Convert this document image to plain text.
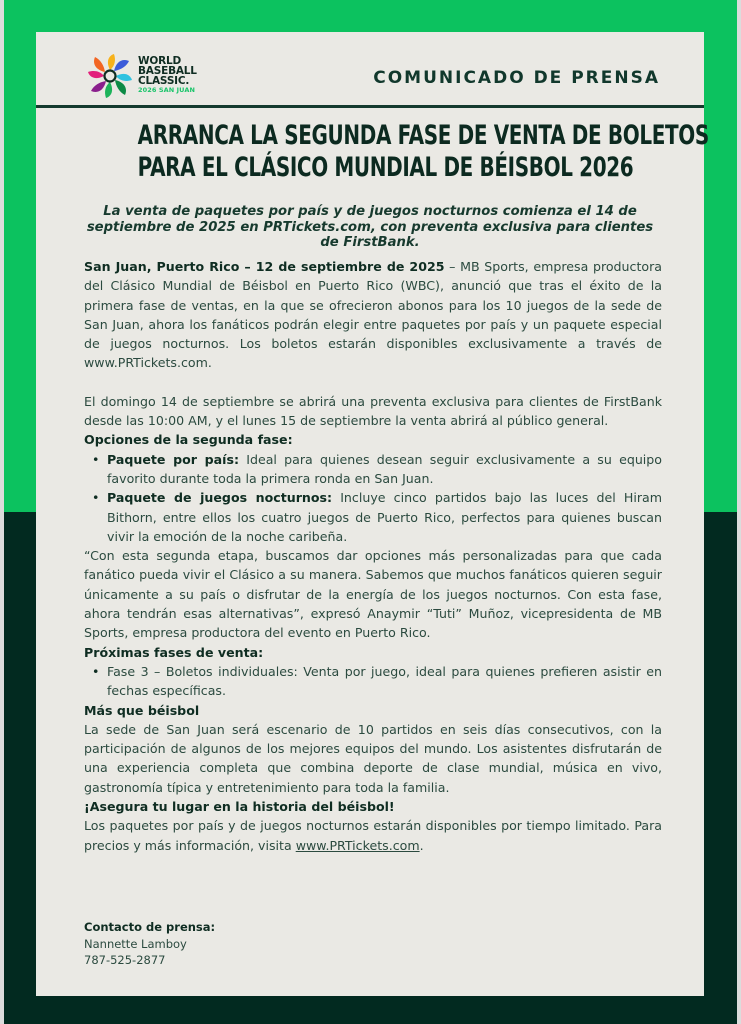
WORLD
BASEBALL
CLASSIC.
2026 SAN JUAN
COMUNICADO DE PRENSA
ARRANCA LA SEGUNDA FASE DE VENTA DE BOLETOS
PARA EL CLÁSICO MUNDIAL DE BÉISBOL 2026

La venta de paquetes por país y de juegos nocturnos comienza el 14 de septiembre de 2025 en PRTickets.com, con preventa exclusiva para clientes de FirstBank.

San Juan, Puerto Rico – 12 de septiembre de 2025 – MB Sports, empresa productora del Clásico Mundial de Béisbol en Puerto Rico (WBC), anunció que tras el éxito de la primera fase de ventas, en la que se ofrecieron abonos para los 10 juegos de la sede de San Juan, ahora los fanáticos podrán elegir entre paquetes por país y un paquete especial de juegos nocturnos. Los boletos estarán disponibles exclusivamente a través de www.PRTickets.com.

El domingo 14 de septiembre se abrirá una preventa exclusiva para clientes de FirstBank desde las 10:00 AM, y el lunes 15 de septiembre la venta abrirá al público general.

Opciones de la segunda fase:

• Paquete por país: Ideal para quienes desean seguir exclusivamente a su equipo favorito durante toda la primera ronda en San Juan.
• Paquete de juegos nocturnos: Incluye cinco partidos bajo las luces del Hiram Bithorn, entre ellos los cuatro juegos de Puerto Rico, perfectos para quienes buscan vivir la emoción de la noche caribeña.

“Con esta segunda etapa, buscamos dar opciones más personalizadas para que cada fanático pueda vivir el Clásico a su manera. Sabemos que muchos fanáticos quieren seguir únicamente a su país o disfrutar de la energía de los juegos nocturnos. Con esta fase, ahora tendrán esas alternativas”, expresó Anaymir “Tuti” Muñoz, vicepresidenta de MB Sports, empresa productora del evento en Puerto Rico.

Próximas fases de venta:

• Fase 3 – Boletos individuales: Venta por juego, ideal para quienes prefieren asistir en fechas específicas.

Más que béisbol

La sede de San Juan será escenario de 10 partidos en seis días consecutivos, con la participación de algunos de los mejores equipos del mundo. Los asistentes disfrutarán de una experiencia completa que combina deporte de clase mundial, música en vivo, gastronomía típica y entretenimiento para toda la familia.

¡Asegura tu lugar en la historia del béisbol!

Los paquetes por país y de juegos nocturnos estarán disponibles por tiempo limitado. Para precios y más información, visita www.PRTickets.com.

Contacto de prensa:
Nannette Lamboy
787-525-2877
